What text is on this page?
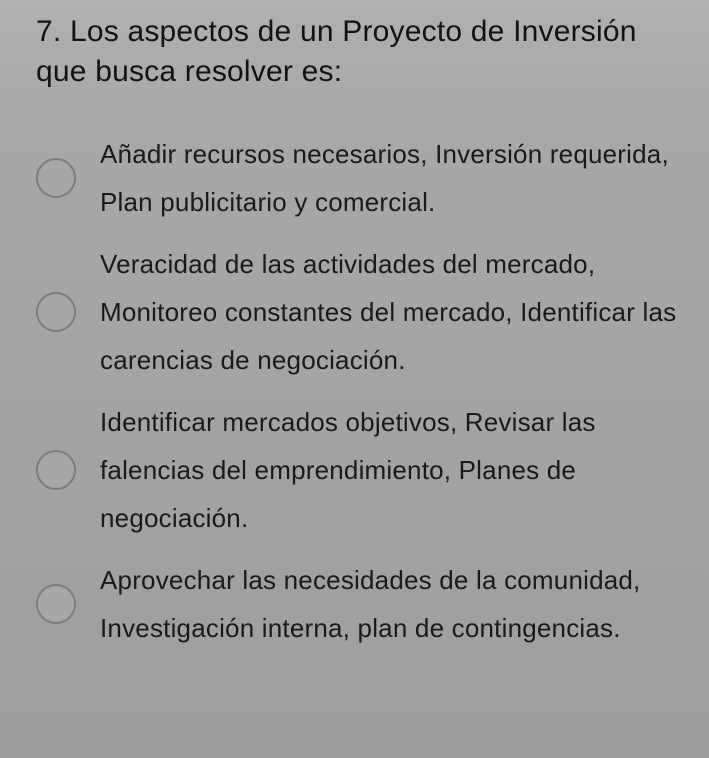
7. Los aspectos de un Proyecto de Inversión que busca resolver es:

Añadir recursos necesarios, Inversión requerida, Plan publicitario y comercial.

Veracidad de las actividades del mercado, Monitoreo constantes del mercado, Identificar las carencias de negociación.

Identificar mercados objetivos, Revisar las falencias del emprendimiento, Planes de negociación.

Aprovechar las necesidades de la comunidad, Investigación interna, plan de contingencias.
